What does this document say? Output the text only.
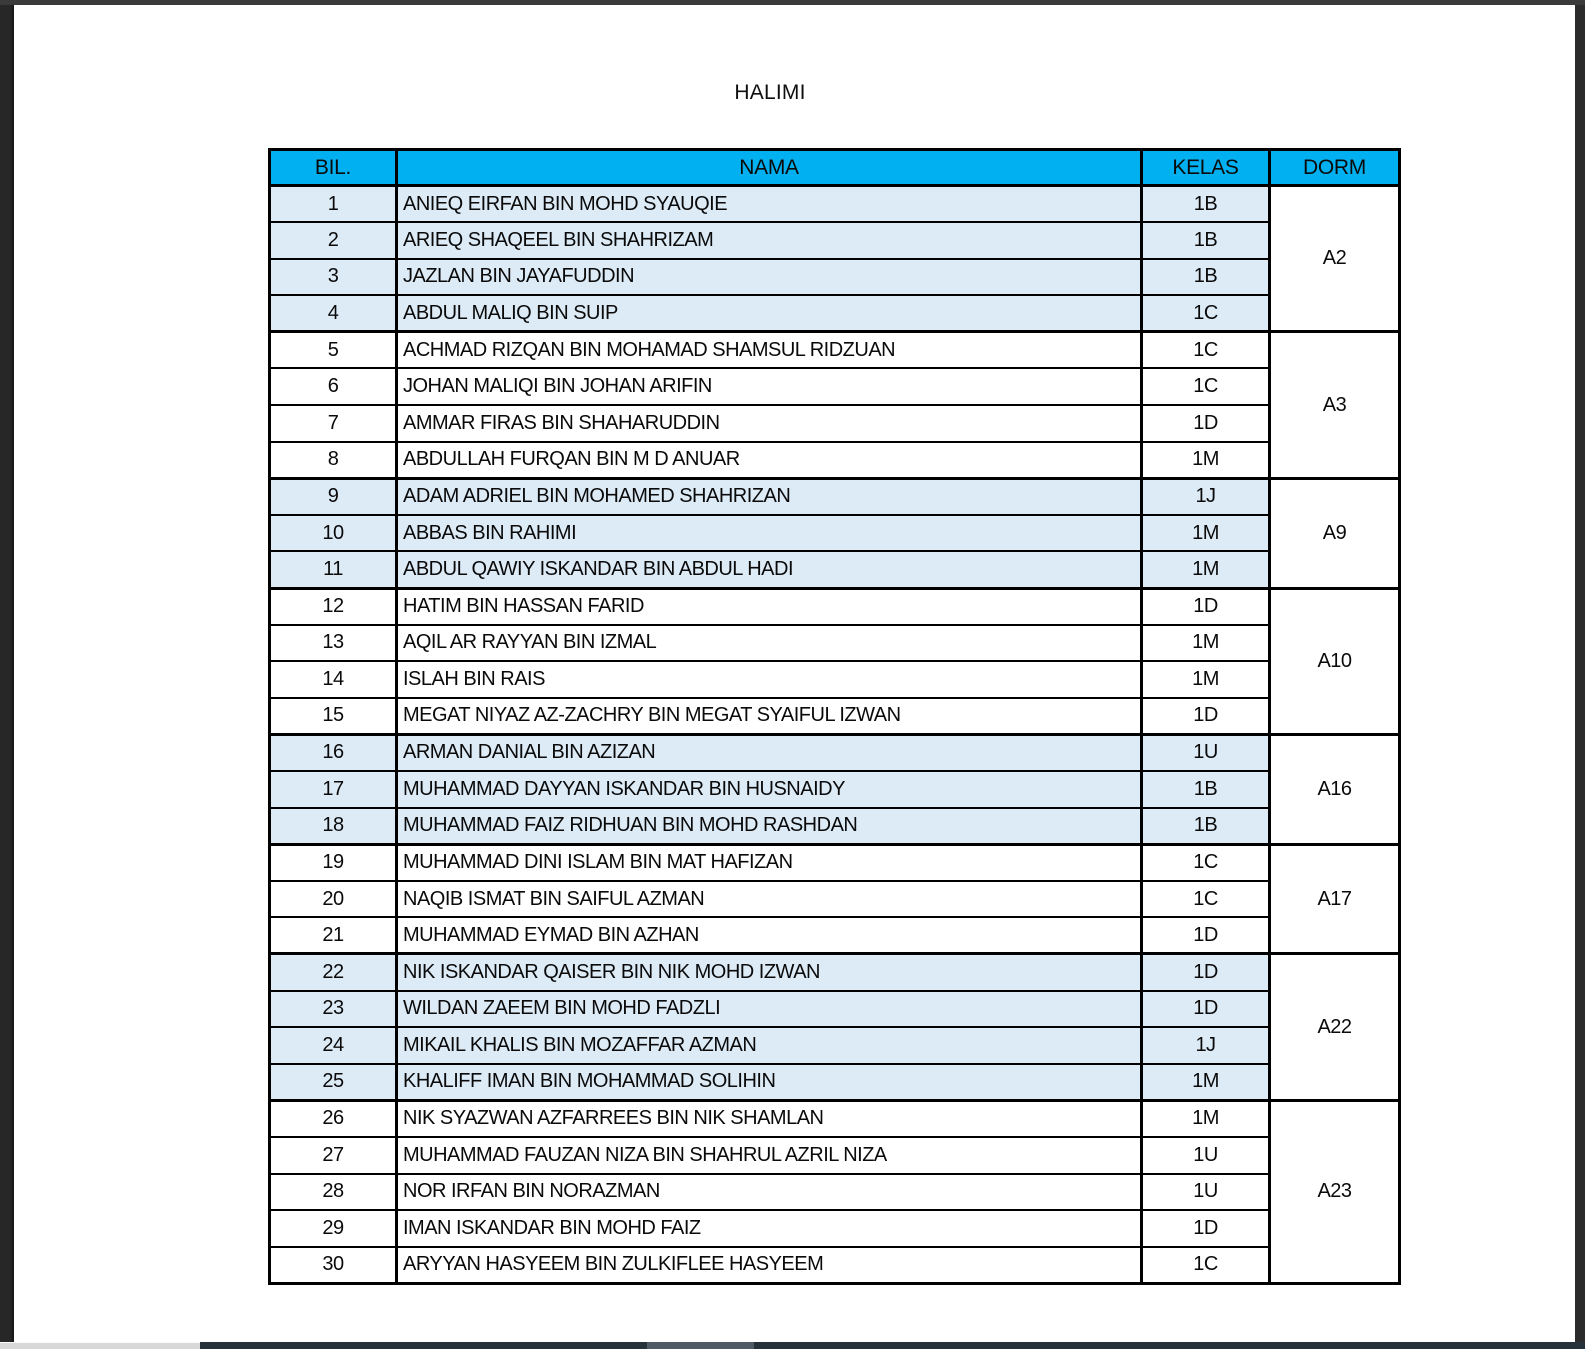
HALIMI
BIL.	NAMA	KELAS	DORM
1	ANIEQ EIRFAN BIN MOHD SYAUQIE	1B	A2
2	ARIEQ SHAQEEL BIN SHAHRIZAM	1B	
3	JAZLAN BIN JAYAFUDDIN	1B	
4	ABDUL MALIQ BIN SUIP	1C	
5	ACHMAD RIZQAN BIN MOHAMAD SHAMSUL RIDZUAN	1C	A3
6	JOHAN MALIQI BIN JOHAN ARIFIN	1C	
7	AMMAR FIRAS BIN SHAHARUDDIN	1D	
8	ABDULLAH FURQAN BIN M D ANUAR	1M	
9	ADAM ADRIEL BIN MOHAMED SHAHRIZAN	1J	A9
10	ABBAS BIN RAHIMI	1M	
11	ABDUL QAWIY ISKANDAR BIN ABDUL HADI	1M	
12	HATIM BIN HASSAN FARID	1D	A10
13	AQIL AR RAYYAN BIN IZMAL	1M	
14	ISLAH BIN RAIS	1M	
15	MEGAT NIYAZ AZ-ZACHRY BIN MEGAT SYAIFUL IZWAN	1D	
16	ARMAN DANIAL BIN AZIZAN	1U	A16
17	MUHAMMAD DAYYAN ISKANDAR BIN HUSNAIDY	1B	
18	MUHAMMAD FAIZ RIDHUAN BIN MOHD RASHDAN	1B	
19	MUHAMMAD DINI ISLAM BIN MAT HAFIZAN	1C	A17
20	NAQIB ISMAT BIN SAIFUL AZMAN	1C	
21	MUHAMMAD EYMAD BIN AZHAN	1D	
22	NIK ISKANDAR QAISER BIN NIK MOHD IZWAN	1D	A22
23	WILDAN ZAEEM BIN MOHD FADZLI	1D	
24	MIKAIL KHALIS BIN MOZAFFAR AZMAN	1J	
25	KHALIFF IMAN BIN MOHAMMAD SOLIHIN	1M	
26	NIK SYAZWAN AZFARREES BIN NIK SHAMLAN	1M	A23
27	MUHAMMAD FAUZAN NIZA BIN SHAHRUL AZRIL NIZA	1U	
28	NOR IRFAN BIN NORAZMAN	1U	
29	IMAN ISKANDAR BIN MOHD FAIZ	1D	
30	ARYYAN HASYEEM BIN ZULKIFLEE HASYEEM	1C	
